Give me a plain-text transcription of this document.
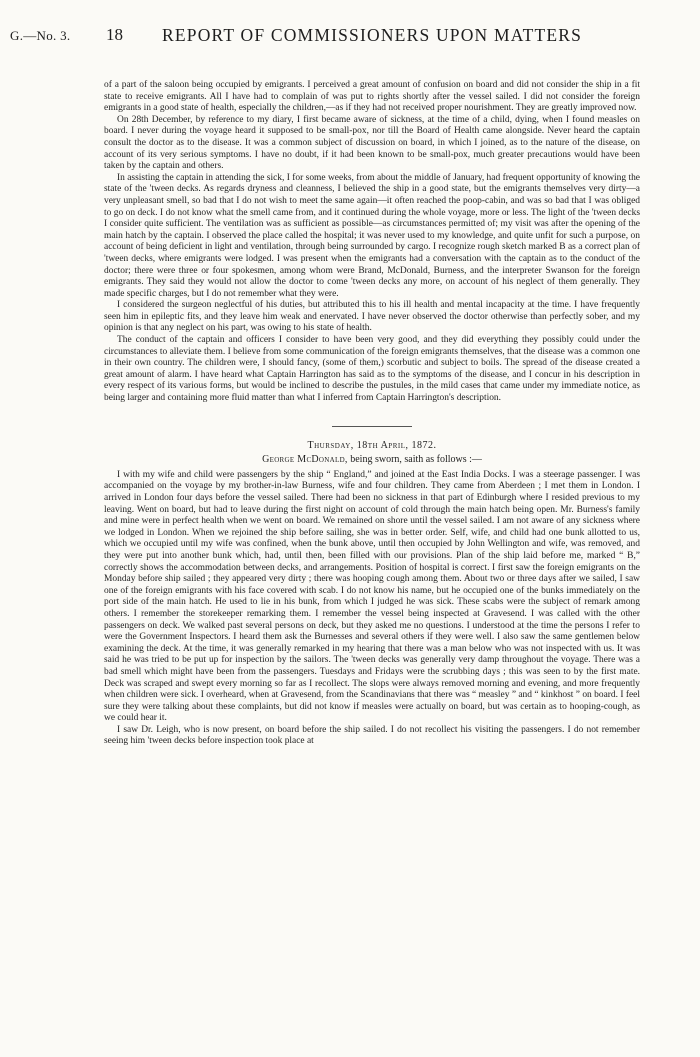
G.—No. 3. 18 REPORT OF COMMISSIONERS UPON MATTERS

of a part of the saloon being occupied by emigrants. I perceived a great amount of confusion on board and did not consider the ship in a fit state to receive emigrants. All I have had to complain of was put to rights shortly after the vessel sailed. I did not consider the foreign emigrants in a good state of health, especially the children,—as if they had not received proper nourishment. They are greatly improved now.

On 28th December, by reference to my diary, I first became aware of sickness, at the time of a child, dying, when I found measles on board. I never during the voyage heard it supposed to be small-pox, nor till the Board of Health came alongside. Never heard the captain consult the doctor as to the disease. It was a common subject of discussion on board, in which I joined, as to the nature of the disease, on account of its very serious symptoms. I have no doubt, if it had been known to be small-pox, much greater precautions would have been taken by the captain and others.

In assisting the captain in attending the sick, I for some weeks, from about the middle of January, had frequent opportunity of knowing the state of the 'tween decks. As regards dryness and cleanness, I believed the ship in a good state, but the emigrants themselves very dirty—a very unpleasant smell, so bad that I do not wish to meet the same again—it often reached the poop-cabin, and was so bad that I was obliged to go on deck. I do not know what the smell came from, and it continued during the whole voyage, more or less. The light of the 'tween decks I consider quite sufficient. The ventilation was as sufficient as possible—as circumstances permitted of; my visit was after the opening of the main hatch by the captain. I observed the place called the hospital; it was never used to my knowledge, and quite unfit for such a purpose, on account of being deficient in light and ventilation, through being surrounded by cargo. I recognize rough sketch marked B as a correct plan of 'tween decks, where emigrants were lodged. I was present when the emigrants had a conversation with the captain as to the conduct of the doctor; there were three or four spokesmen, among whom were Brand, McDonald, Burness, and the interpreter Swanson for the foreign emigrants. They said they would not allow the doctor to come 'tween decks any more, on account of his neglect of them generally. They made specific charges, but I do not remember what they were.

I considered the surgeon neglectful of his duties, but attributed this to his ill health and mental incapacity at the time. I have frequently seen him in epileptic fits, and they leave him weak and enervated. I have never observed the doctor otherwise than perfectly sober, and my opinion is that any neglect on his part, was owing to his state of health.

The conduct of the captain and officers I consider to have been very good, and they did everything they possibly could under the circumstances to alleviate them. I believe from some communication of the foreign emigrants themselves, that the disease was a common one in their own country. The children were, I should fancy, (some of them,) scorbutic and subject to boils. The spread of the disease created a great amount of alarm. I have heard what Captain Harrington has said as to the symptoms of the disease, and I concur in his description in every respect of its various forms, but would be inclined to describe the pustules, in the mild cases that came under my immediate notice, as being larger and containing more fluid matter than what I inferred from Captain Harrington's description.

Thursday, 18th April, 1872.
George McDonald, being sworn, saith as follows :—

I with my wife and child were passengers by the ship “ England,” and joined at the East India Docks. I was a steerage passenger. I was accompanied on the voyage by my brother-in-law Burness, wife and four children. They came from Aberdeen ; I met them in London. I arrived in London four days before the vessel sailed. There had been no sickness in that part of Edinburgh where I resided previous to my leaving. Went on board, but had to leave during the first night on account of cold through the main hatch being open. Mr. Burness's family and mine were in perfect health when we went on board. We remained on shore until the vessel sailed. I am not aware of any sickness where we lodged in London. When we rejoined the ship before sailing, she was in better order. Self, wife, and child had one bunk allotted to us, which we occupied until my wife was confined, when the bunk above, until then occupied by John Wellington and wife, was removed, and they were put into another bunk which, had, until then, been filled with our provisions. Plan of the ship laid before me, marked “ B,” correctly shows the accommodation between decks, and arrangements. Position of hospital is correct. I first saw the foreign emigrants on the Monday before ship sailed ; they appeared very dirty ; there was hooping cough among them. About two or three days after we sailed, I saw one of the foreign emigrants with his face covered with scab. I do not know his name, but he occupied one of the bunks immediately on the port side of the main hatch. He used to lie in his bunk, from which I judged he was sick. These scabs were the subject of remark among others. I remember the storekeeper remarking them. I remember the vessel being inspected at Gravesend. I was called with the other passengers on deck. We walked past several persons on deck, but they asked me no questions. I understood at the time the persons I refer to were the Government Inspectors. I heard them ask the Burnesses and several others if they were well. I also saw the same gentlemen below examining the deck. At the time, it was generally remarked in my hearing that there was a man below who was not inspected with us. It was said he was tried to be put up for inspection by the sailors. The 'tween decks was generally very damp throughout the voyage. There was a bad smell which might have been from the passengers. Tuesdays and Fridays were the scrubbing days ; this was seen to by the first mate. Deck was scraped and swept every morning so far as I recollect. The slops were always removed morning and evening, and more frequently when children were sick. I overheard, when at Gravesend, from the Scandinavians that there was “ measley ” and “ kinkhost ” on board. I feel sure they were talking about these complaints, but did not know if measles were actually on board, but was certain as to hooping-cough, as we could hear it.

I saw Dr. Leigh, who is now present, on board before the ship sailed. I do not recollect his visiting the passengers. I do not remember seeing him 'tween decks before inspection took place at
